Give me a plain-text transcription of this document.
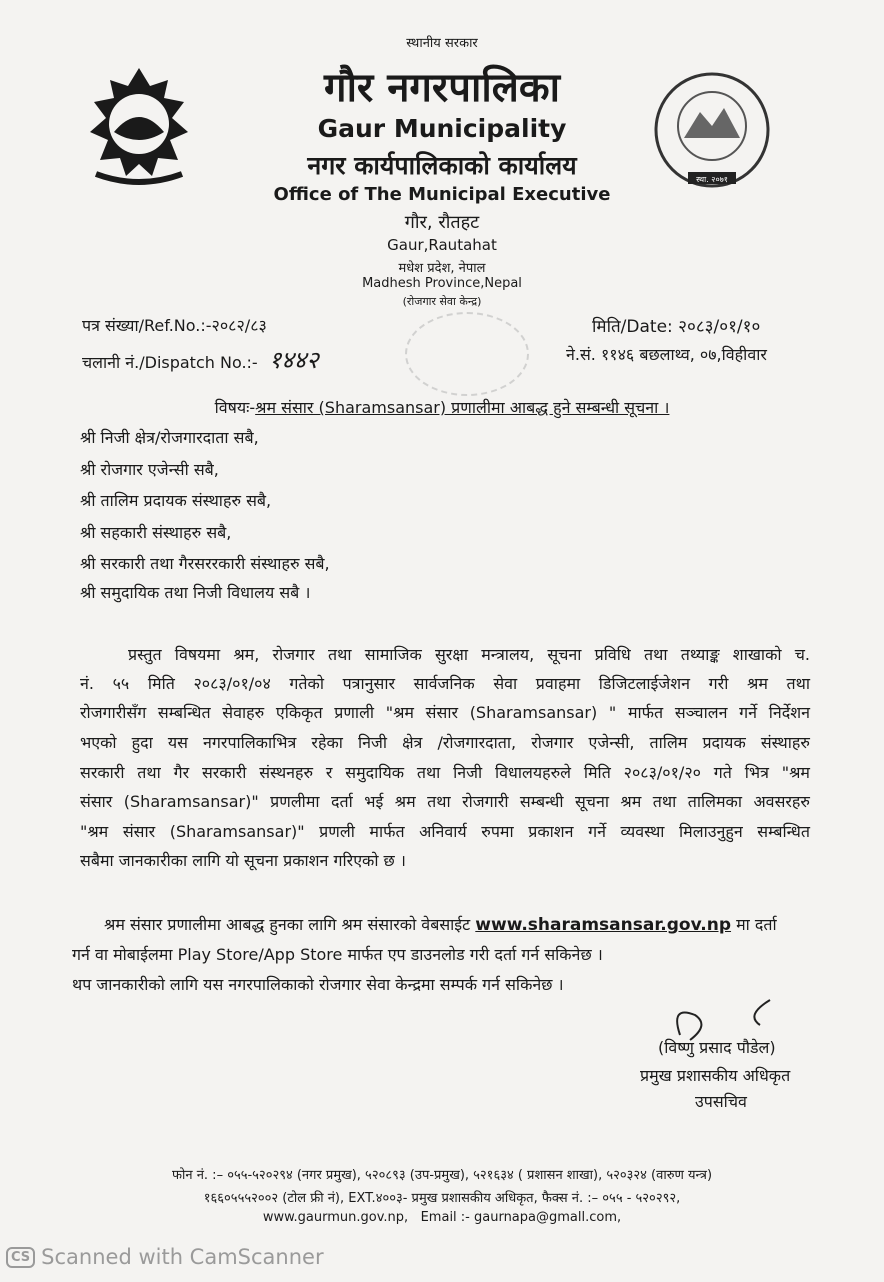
स्था. २०७१
स्थानीय सरकार
गौर नगरपालिका
Gaur Municipality
नगर कार्यपालिकाको कार्यालय
Office of The Municipal Executive
गौर, रौतहट
Gaur,Rautahat
मधेश प्रदेश, नेपाल
Madhesh Province,Nepal
(रोजगार सेवा केन्द्र)
पत्र संख्या/Ref.No.:-२०८२/८३
चलानी नं./Dispatch No.:- १४४२
मिति/Date: २०८३/०१/१०
ने.सं. ११४६ बछलाथ्व, ०७,विहीवार
विषयः-श्रम संसार (Sharamsansar) प्रणालीमा आबद्ध हुने सम्बन्धी सूचना ।
श्री निजी क्षेत्र/रोजगारदाता सबै,
श्री रोजगार एजेन्सी सबै,
श्री तालिम प्रदायक संस्थाहरु सबै,
श्री सहकारी संस्थाहरु सबै,
श्री सरकारी तथा गैरसररकारी संस्थाहरु सबै,
श्री समुदायिक तथा निजी विधालय सबै ।
प्रस्तुत विषयमा श्रम, रोजगार तथा सामाजिक सुरक्षा मन्त्रालय, सूचना प्रविधि तथा तथ्याङ्क शाखाको च.
नं. ५५ मिति २०८३/०१/०४ गतेको पत्रानुसार सार्वजनिक सेवा प्रवाहमा डिजिटलाईजेशन गरी श्रम तथा
रोजगारीसँग सम्बन्धित सेवाहरु एकिकृत प्रणाली "श्रम संसार (Sharamsansar) " मार्फत सञ्चालन गर्ने निर्देशन
भएको हुदा यस नगरपालिकाभित्र रहेका निजी क्षेत्र /रोजगारदाता, रोजगार एजेन्सी, तालिम प्रदायक संस्थाहरु
सरकारी तथा गैर सरकारी संस्थनहरु र समुदायिक तथा निजी विधालयहरुले मिति २०८३/०१/२० गते भित्र "श्रम
संसार (Sharamsansar)" प्रणलीमा दर्ता भई श्रम तथा रोजगारी सम्बन्धी सूचना श्रम तथा तालिमका अवसरहरु
"श्रम संसार (Sharamsansar)" प्रणली मार्फत अनिवार्य रुपमा प्रकाशन गर्ने व्यवस्था मिलाउनुहुन सम्बन्धित
सबैमा जानकारीका लागि यो सूचना प्रकाशन गरिएको छ ।
श्रम संसार प्रणालीमा आबद्ध हुनका लागि श्रम संसारको वेबसाईट www.sharamsansar.gov.np मा दर्ता
गर्न वा मोबाईलमा Play Store/App Store मार्फत एप डाउनलोड गरी दर्ता गर्न सकिनेछ ।
थप जानकारीको लागि यस नगरपालिकाको रोजगार सेवा केन्द्रमा सम्पर्क गर्न सकिनेछ ।
(विष्णु प्रसाद पौडेल)
प्रमुख प्रशासकीय अधिकृत
उपसचिव
फोन नं. :– ०५५-५२०२९४ (नगर प्रमुख), ५२०८९३ (उप-प्रमुख), ५२१६३४ ( प्रशासन शाखा), ५२०३२४ (वारुण यन्त्र)
१६६०५५५२००२ (टोल फ्री नं), EXT.४००३- प्रमुख प्रशासकीय अधिकृत, फैक्स नं. :– ०५५ - ५२०२९२,
www.gaurmun.gov.np, Email :- gaurnapa@gmall.com,
CS Scanned with CamScanner
